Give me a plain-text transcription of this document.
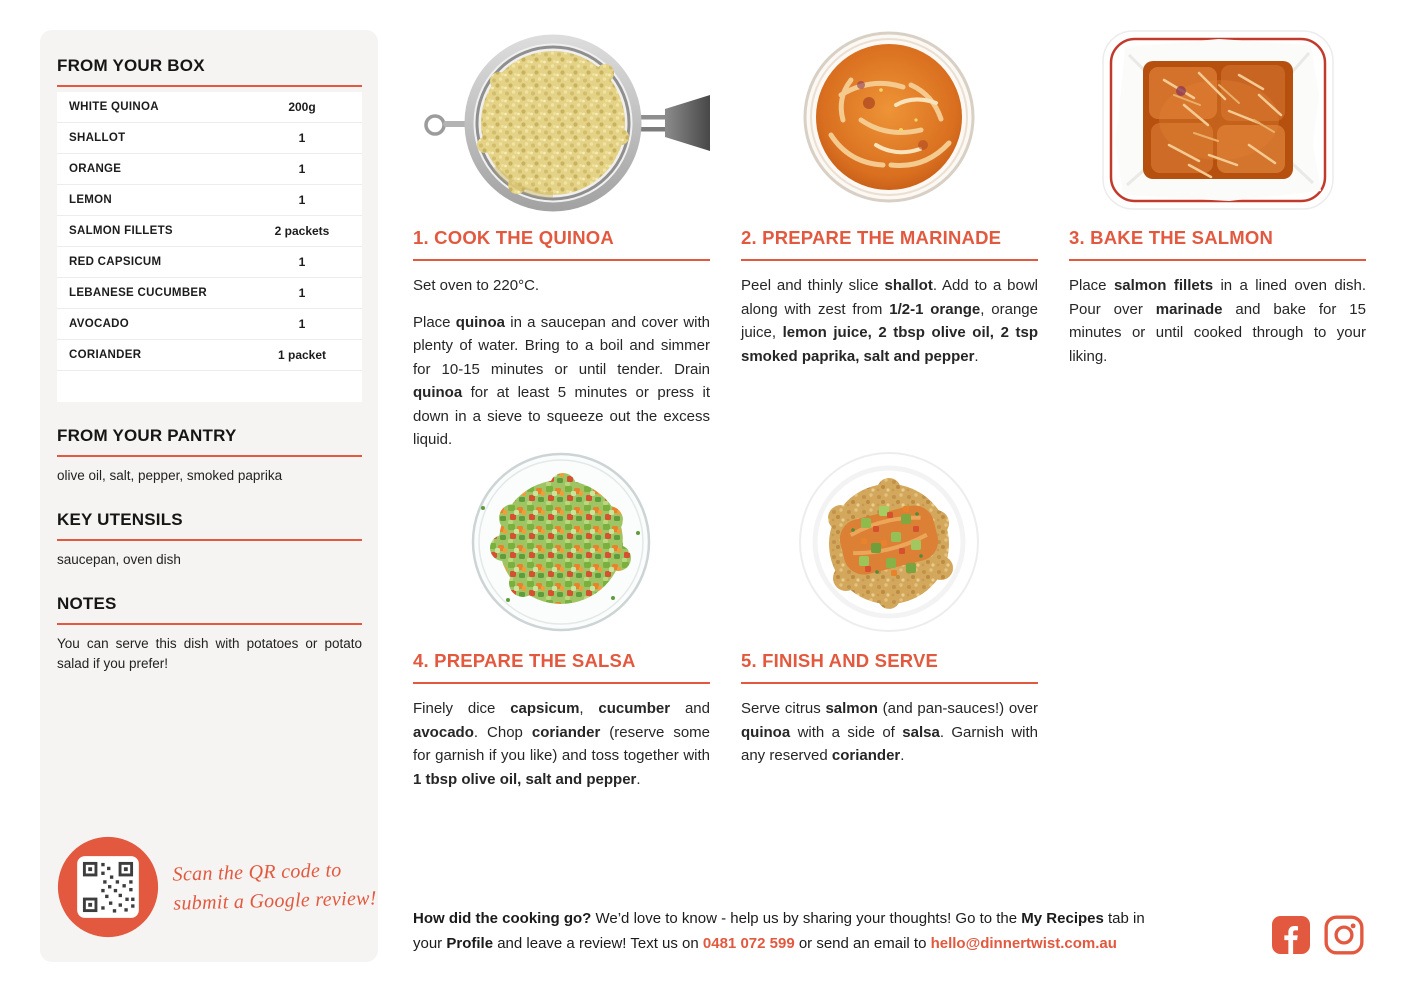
FROM YOUR BOX
WHITE QUINOA	200g
SHALLOT	1
ORANGE	1
LEMON	1
SALMON FILLETS	2 packets
RED CAPSICUM	1
LEBANESE CUCUMBER	1
AVOCADO	1
CORIANDER	1 packet
FROM YOUR PANTRY

olive oil, salt, pepper, smoked paprika

KEY UTENSILS

saucepan, oven dish

NOTES

You can serve this dish with potatoes or potato salad if you prefer!

Scan the QR code to
submit a Google review!
1. COOK THE QUINOA

Set oven to 220°C.

Place quinoa in a saucepan and cover with plenty of water. Bring to a boil and simmer for 10-15 minutes or until tender. Drain quinoa for at least 5 minutes or press it down in a sieve to squeeze out the excess liquid.

2. PREPARE THE MARINADE

Peel and thinly slice shallot. Add to a bowl along with zest from 1/2-1 orange, orange juice, lemon juice, 2 tbsp olive oil, 2 tsp smoked paprika, salt and pepper.

3. BAKE THE SALMON

Place salmon fillets in a lined oven dish. Pour over marinade and bake for 15 minutes or until cooked through to your liking.

4. PREPARE THE SALSA

Finely dice capsicum, cucumber and avocado. Chop coriander (reserve some for garnish if you like) and toss together with 1 tbsp olive oil, salt and pepper.

5. FINISH AND SERVE

Serve citrus salmon (and pan-sauces!) over quinoa with a side of salsa. Garnish with any reserved coriander.

How did the cooking go? We’d love to know - help us by sharing your thoughts! Go to the My Recipes tab in
your Profile and leave a review! Text us on 0481 072 599 or send an email to hello@dinnertwist.com.au
